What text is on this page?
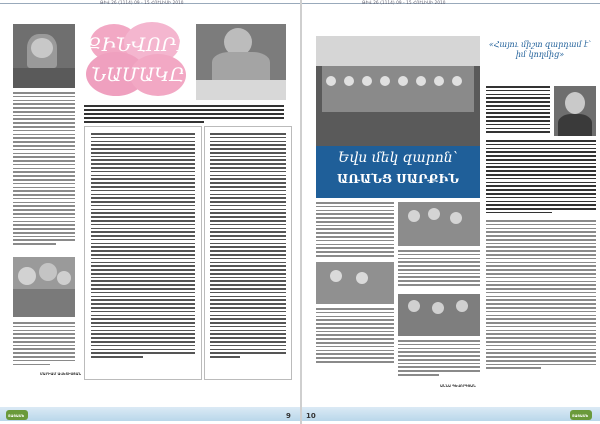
ԹԻՎ 26 (1114) 09 - 15 ՀՈՒԼԻՍԻ 2010
ՄԱՐԻԱՄ ԱՎԵՏԻՍՅԱՆ
ՔԻՆՎՈՐԻ
ՆԱՄԱԿԸ
ՏԱՅԱՄԵ	9
ԹԻՎ 26 (1114) 09 - 15 ՀՈՒԼԻՍԻ 2010
Եվս մեկ զարոն՝
ԱՌԱՆՑ ՍԱՐՔԻՆ
«Հայու միշտ զարդամ է՝ իմ կողմից»
ԱՆՆԱ ԳԵՎՈՐԳՅԱՆ
10	ՏԱՅԱՄԵ
